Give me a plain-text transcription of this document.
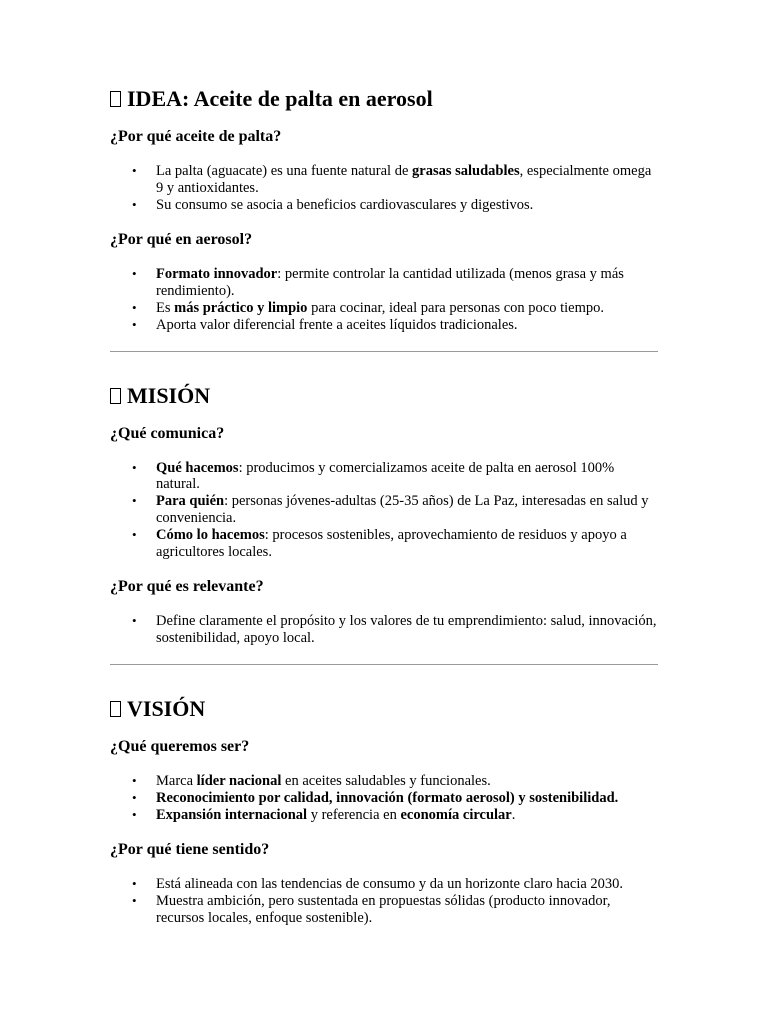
IDEA: Aceite de palta en aerosol
¿Por qué aceite de palta?
• La palta (aguacate) es una fuente natural de grasas saludables, especialmente omega 9 y antioxidantes.
• Su consumo se asocia a beneficios cardiovasculares y digestivos.
¿Por qué en aerosol?
• Formato innovador: permite controlar la cantidad utilizada (menos grasa y más rendimiento).
• Es más práctico y limpio para cocinar, ideal para personas con poco tiempo.
• Aporta valor diferencial frente a aceites líquidos tradicionales.
MISIÓN
¿Qué comunica?
• Qué hacemos: producimos y comercializamos aceite de palta en aerosol 100% natural.
• Para quién: personas jóvenes-adultas (25-35 años) de La Paz, interesadas en salud y conveniencia.
• Cómo lo hacemos: procesos sostenibles, aprovechamiento de residuos y apoyo a agricultores locales.
¿Por qué es relevante?
• Define claramente el propósito y los valores de tu emprendimiento: salud, innovación, sostenibilidad, apoyo local.
VISIÓN
¿Qué queremos ser?
• Marca líder nacional en aceites saludables y funcionales.
• Reconocimiento por calidad, innovación (formato aerosol) y sostenibilidad.
• Expansión internacional y referencia en economía circular.
¿Por qué tiene sentido?
• Está alineada con las tendencias de consumo y da un horizonte claro hacia 2030.
• Muestra ambición, pero sustentada en propuestas sólidas (producto innovador, recursos locales, enfoque sostenible).
